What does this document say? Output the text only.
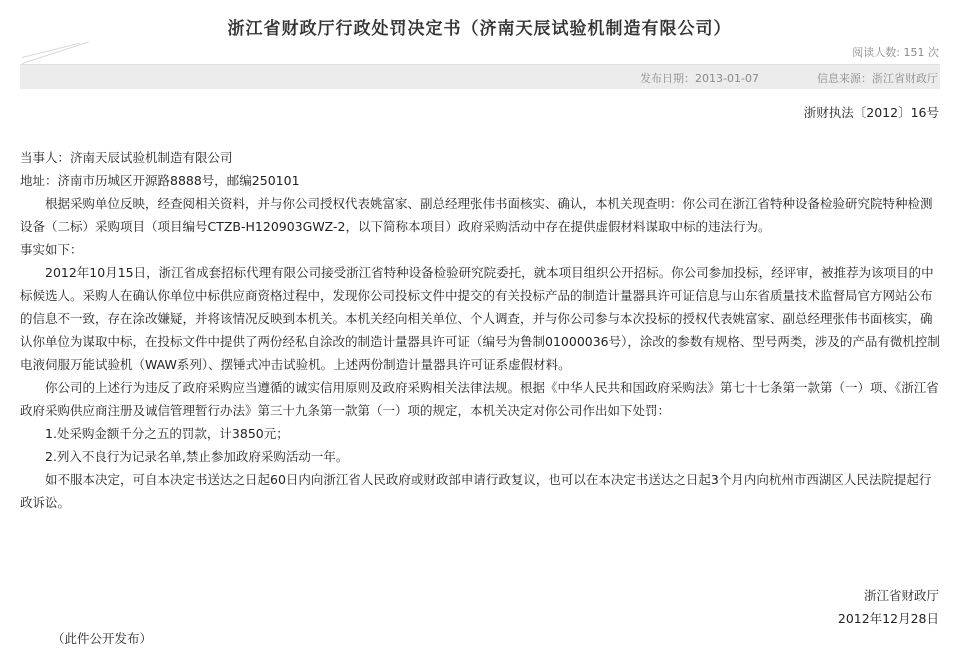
浙江省财政厅行政处罚决定书（济南天辰试验机制造有限公司）
阅读人数: 151 次
发布日期：2013-01-07	信息来源：浙江省财政厅
浙财执法〔2012〕16号

当事人：济南天辰试验机制造有限公司

地址：济南市历城区开源路8888号，邮编250101

根据采购单位反映，经查阅相关资料，并与你公司授权代表姚富家、副总经理张伟书面核实、确认，本机关现查明：你公司在浙江省特种设备检验研究院特种检测设备（二标）采购项目（项目编号CTZB-H120903GWZ-2，以下简称本项目）政府采购活动中存在提供虚假材料谋取中标的违法行为。

事实如下：

2012年10月15日，浙江省成套招标代理有限公司接受浙江省特种设备检验研究院委托，就本项目组织公开招标。你公司参加投标，经评审，被推荐为该项目的中标候选人。采购人在确认你单位中标供应商资格过程中，发现你公司投标文件中提交的有关投标产品的制造计量器具许可证信息与山东省质量技术监督局官方网站公布的信息不一致，存在涂改嫌疑，并将该情况反映到本机关。本机关经向相关单位、个人调查，并与你公司参与本次投标的授权代表姚富家、副总经理张伟书面核实，确认你单位为谋取中标，在投标文件中提供了两份经私自涂改的制造计量器具许可证（编号为鲁制01000036号），涂改的参数有规格、型号两类，涉及的产品有微机控制电液伺服万能试验机（WAW系列）、摆锤式冲击试验机。上述两份制造计量器具许可证系虚假材料。

你公司的上述行为违反了政府采购应当遵循的诚实信用原则及政府采购相关法律法规。根据《中华人民共和国政府采购法》第七十七条第一款第（一）项、《浙江省政府采购供应商注册及诚信管理暂行办法》第三十九条第一款第（一）项的规定，本机关决定对你公司作出如下处罚：

1.处采购金额千分之五的罚款，计3850元；

2.列入不良行为记录名单,禁止参加政府采购活动一年。

如不服本决定，可自本决定书送达之日起60日内向浙江省人民政府或财政部申请行政复议，也可以在本决定书送达之日起3个月内向杭州市西湖区人民法院提起行政诉讼。

浙江省财政厅
2012年12月28日
（此件公开发布）
